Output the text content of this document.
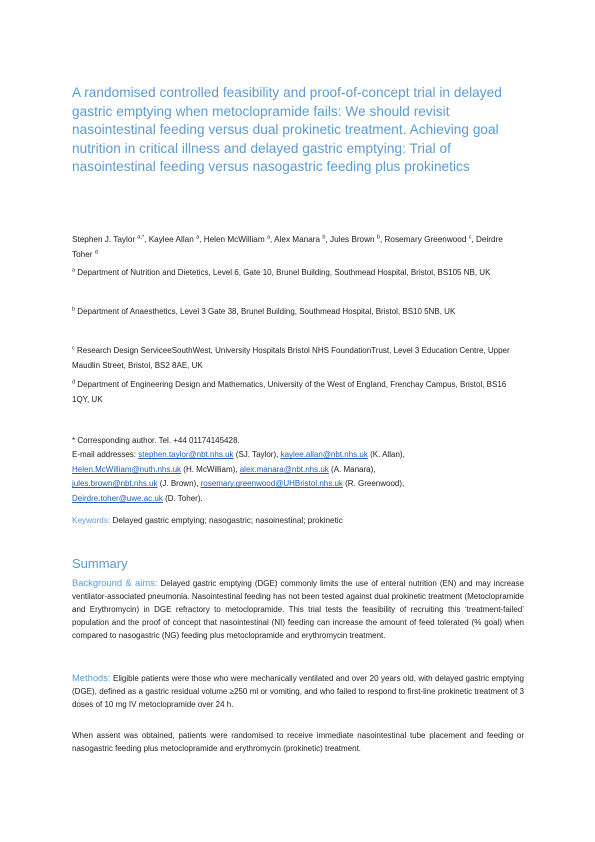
A randomised controlled feasibility and proof-of-concept trial in delayed gastric emptying when metoclopramide fails: We should revisit nasointestinal feeding versus dual prokinetic treatment. Achieving goal nutrition in critical illness and delayed gastric emptying: Trial of nasointestinal feeding versus nasogastric feeding plus prokinetics
Stephen J. Taylor $^{a,*}$, Kaylee Allan $^a$, Helen McWilliam $^a$, Alex Manara $^b$, Jules Brown $^b$, Rosemary Greenwood $^c$, Deirdre Toher $^d$
$^a$ Department of Nutrition and Dietetics, Level 6, Gate 10, Brunel Building, Southmead Hospital, Bristol, BS105 NB, UK
$^b$ Department of Anaesthetics, Level 3 Gate 38, Brunel Building, Southmead Hospital, Bristol, BS10 5NB, UK
$^c$ Research Design ServiceeSouthWest, University Hospitals Bristol NHS FoundationTrust, Level 3 Education Centre, Upper Maudlin Street, Bristol, BS2 8AE, UK
$^d$ Department of Engineering Design and Mathematics, University of the West of England, Frenchay Campus, Bristol, BS16 1QY, UK
* Corresponding author. Tel. +44 01174145428.
E-mail addresses: stephen.taylor@nbt.nhs.uk (SJ. Taylor), kaylee.allan@nbt.nhs.uk (K. Allan),
Helen.McWilliam@nuth.nhs.uk (H. McWilliam), alex.manara@nbt.nhs.uk (A. Manara),
jules.brown@nbt.nhs.uk (J. Brown), rosemary.greenwood@UHBristol.nhs.uk (R. Greenwood),
Deirdre.toher@uwe.ac.uk (D. Toher).
Keywords: Delayed gastric emptying; nasogastric; nasoinestinal; prokinetic
Summary
Background & aims: Delayed gastric emptying (DGE) commonly limits the use of enteral nutrition (EN) and may increase ventilator-associated pneumonia. Nasointestinal feeding has not been tested against dual prokinetic treatment (Metoclopramide and Erythromycin) in DGE refractory to metoclopramide. This trial tests the feasibility of recruiting this ‘treatment-failed’ population and the proof of concept that nasointestinal (NI) feeding can increase the amount of feed tolerated (% goal) when compared to nasogastric (NG) feeding plus metoclopramide and erythromycin treatment.
Methods: Eligible patients were those who were mechanically ventilated and over 20 years old, with delayed gastric emptying (DGE), defined as a gastric residual volume ≥250 ml or vomiting, and who failed to respond to first-line prokinetic treatment of 3 doses of 10 mg IV metoclopramide over 24 h.
When assent was obtained, patients were randomised to receive immediate nasointestinal tube placement and feeding or nasogastric feeding plus metoclopramide and erythromycin (prokinetic) treatment.
